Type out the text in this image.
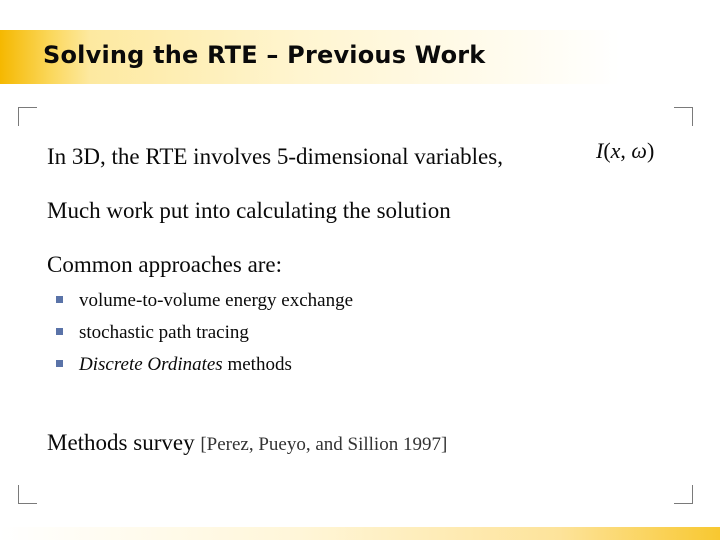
Solving the RTE – Previous Work
In 3D, the RTE involves 5-dimensional variables,	I(x, ω)
Much work put into calculating the solution
Common approaches are:
volume-to-volume energy exchange
stochastic path tracing
Discrete Ordinates methods
Methods survey [Perez, Pueyo, and Sillion 1997]
